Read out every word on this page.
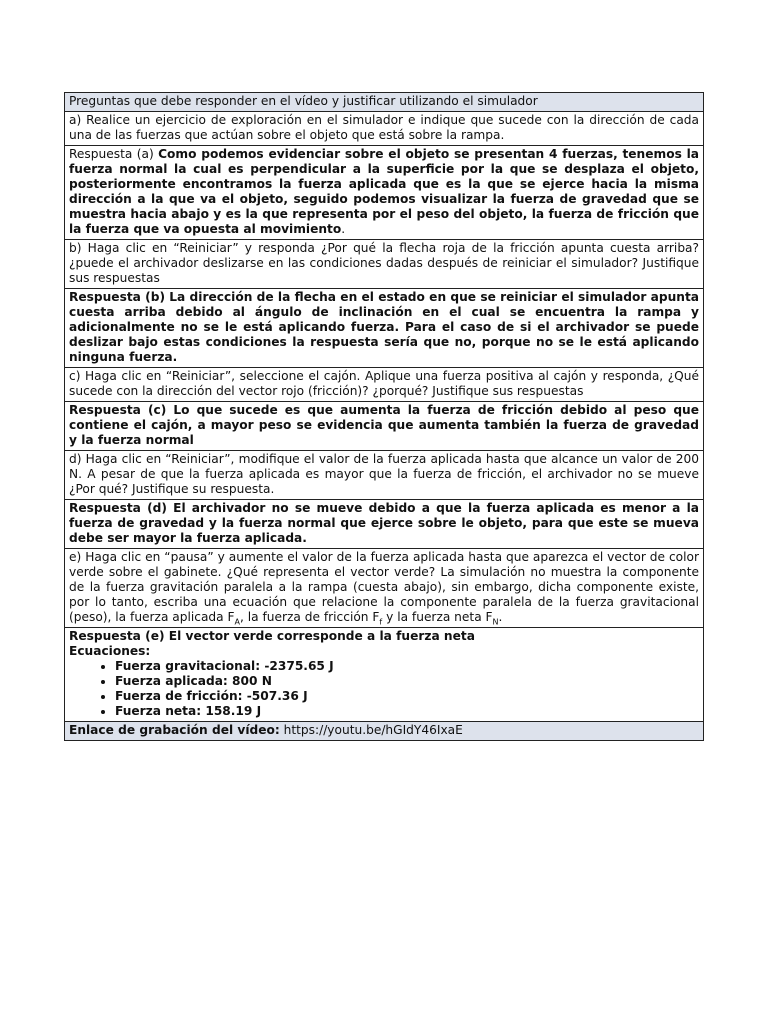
Preguntas que debe responder en el vídeo y justificar utilizando el simulador
a) Realice un ejercicio de exploración en el simulador e indique que sucede con la dirección de cada una de las fuerzas que actúan sobre el objeto que está sobre la rampa.
Respuesta (a) Como podemos evidenciar sobre el objeto se presentan 4 fuerzas, tenemos la fuerza normal la cual es perpendicular a la superficie por la que se desplaza el objeto, posteriormente encontramos la fuerza aplicada que es la que se ejerce hacia la misma dirección a la que va el objeto, seguido podemos visualizar la fuerza de gravedad que se muestra hacia abajo y es la que representa por el peso del objeto, la fuerza de fricción que la fuerza que va opuesta al movimiento.
b) Haga clic en “Reiniciar” y responda ¿Por qué la flecha roja de la fricción apunta cuesta arriba? ¿puede el archivador deslizarse en las condiciones dadas después de reiniciar el simulador? Justifique sus respuestas
Respuesta (b) La dirección de la flecha en el estado en que se reiniciar el simulador apunta cuesta arriba debido al ángulo de inclinación en el cual se encuentra la rampa y adicionalmente no se le está aplicando fuerza. Para el caso de si el archivador se puede deslizar bajo estas condiciones la respuesta sería que no, porque no se le está aplicando ninguna fuerza.
c) Haga clic en “Reiniciar”, seleccione el cajón. Aplique una fuerza positiva al cajón y responda, ¿Qué sucede con la dirección del vector rojo (fricción)? ¿porqué? Justifique sus respuestas
Respuesta (c) Lo que sucede es que aumenta la fuerza de fricción debido al peso que contiene el cajón, a mayor peso se evidencia que aumenta también la fuerza de gravedad y la fuerza normal
d) Haga clic en “Reiniciar”, modifique el valor de la fuerza aplicada hasta que alcance un valor de 200 N. A pesar de que la fuerza aplicada es mayor que la fuerza de fricción, el archivador no se mueve ¿Por qué? Justifique su respuesta.
Respuesta (d) El archivador no se mueve debido a que la fuerza aplicada es menor a la fuerza de gravedad y la fuerza normal que ejerce sobre le objeto, para que este se mueva debe ser mayor la fuerza aplicada.
e) Haga clic en “pausa” y aumente el valor de la fuerza aplicada hasta que aparezca el vector de color verde sobre el gabinete. ¿Qué representa el vector verde? La simulación no muestra la componente de la fuerza gravitación paralela a la rampa (cuesta abajo), sin embargo, dicha componente existe, por lo tanto, escriba una ecuación que relacione la componente paralela de la fuerza gravitacional (peso), la fuerza aplicada $F_A$, la fuerza de fricción $F_f$ y la fuerza neta $F_N$.

Respuesta (e) El vector verde corresponde a la fuerza neta
Ecuaciones:
• Fuerza gravitacional: -2375.65 J
• Fuerza aplicada: 800 N
• Fuerza de fricción: -507.36 J
• Fuerza neta: 158.19 J

Enlace de grabación del vídeo: https://youtu.be/hGIdY46IxaE
